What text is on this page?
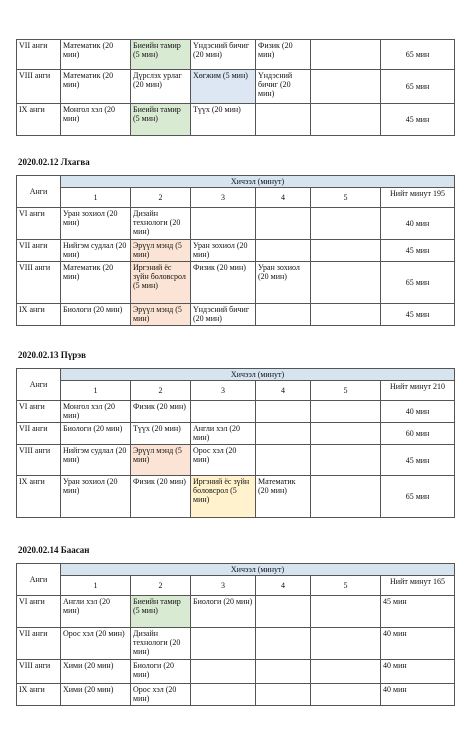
VII анги	Математик (20 мин)	Биеийн тамир (5 мин)	Үндэсний бичиг (20 мин)	Физик (20 мин)		65 мин
VIII анги	Математик (20 мин)	Дүрслэх урлаг (20 мин)	Хөгжим (5 мин)	Үндэсний бичиг (20 мин)		65 мин
IX анги	Монгол хэл (20 мин)	Биеийн тамир (5 мин)	Түүх (20 мин)			45 мин
2020.02.12 Лхагва
Анги	Хичээл (минут)					
	1	2	3	4	5	Нийт минут 195
VI анги	Уран зохиол (20 мин)	Дизайн технологи (20 мин)				40 мин
VII анги	Нийгэм судлал (20 мин)	Эрүүл мэнд (5 мин)	Уран зохиол (20 мин)			45 мин
VIII анги	Математик (20 мин)	Иргэний ёс зүйн боловсрол (5 мин)	Физик (20 мин)	Уран зохиол (20 мин)		65 мин
IX анги	Биологи (20 мин)	Эрүүл мэнд (5 мин)	Үндэсний бичиг (20 мин)			45 мин
2020.02.13 Пүрэв
Анги	Хичээл (минут)					
	1	2	3	4	5	Нийт минут 210
VI анги	Монгол хэл (20 мин)	Физик (20 мин)				40 мин
VII анги	Биологи (20 мин)	Түүх (20 мин)	Англи хэл (20 мин)			60 мин
VIII анги	Нийгэм судлал (20 мин)	Эрүүл мэнд (5 мин)	Орос хэл (20 мин)			45 мин
IX анги	Уран зохиол (20 мин)	Физик (20 мин)	Иргэний ёс зүйн боловсрол (5 мин)	Математик (20 мин)		65 мин
2020.02.14 Баасан
Анги	Хичээл (минут)					
	1	2	3	4	5	Нийт минут 165
VI анги	Англи хэл (20 мин)	Биеийн тамир (5 мин)	Биологи (20 мин)			45 мин
VII анги	Орос хэл (20 мин)	Дизайн технологи (20 мин)				40 мин
VIII анги	Хими (20 мин)	Биологи (20 мин)				40 мин
IX анги	Хими (20 мин)	Орос хэл (20 мин)				40 мин
